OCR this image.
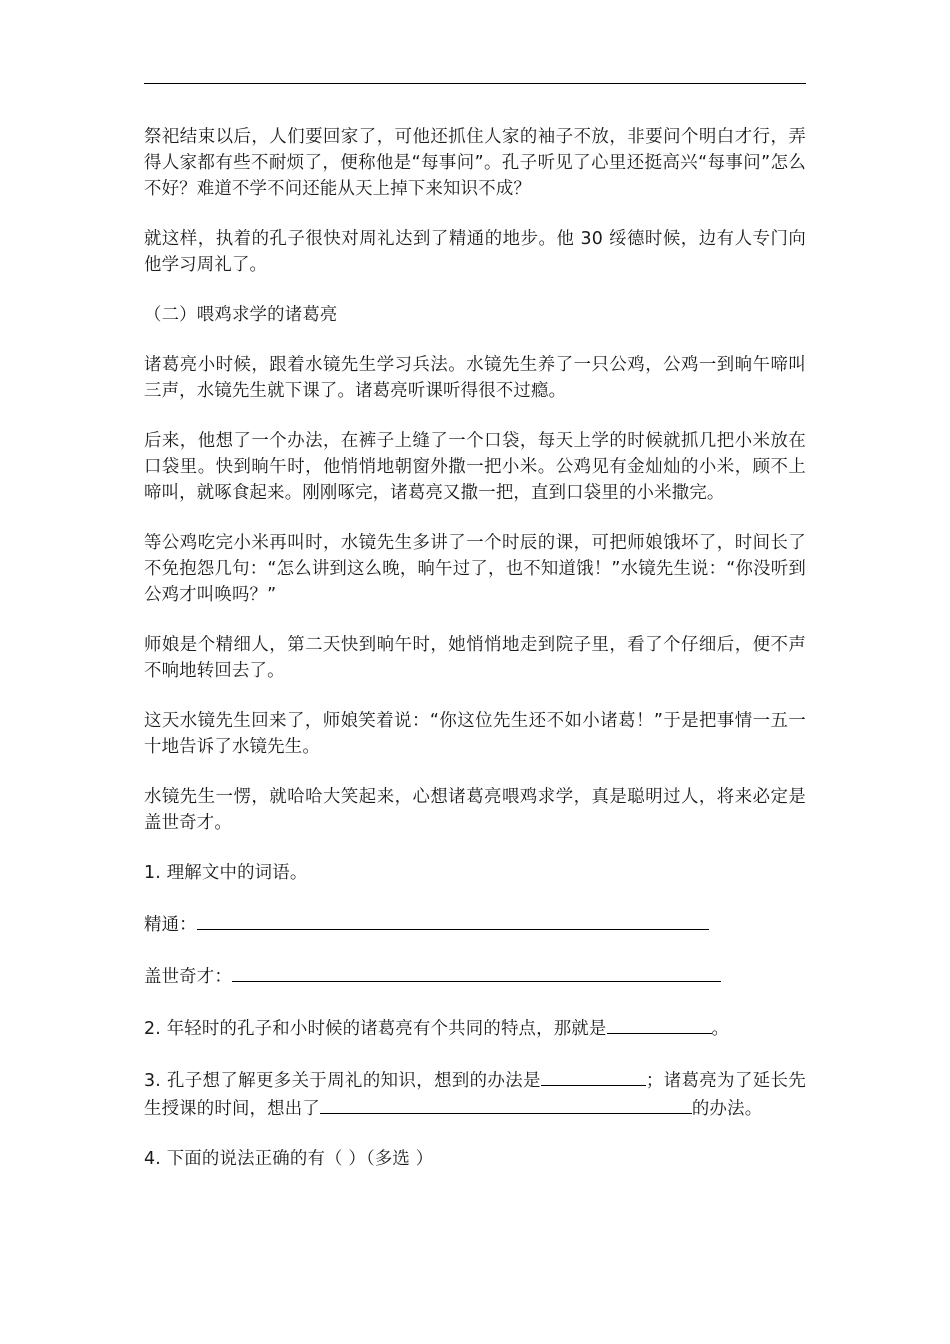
祭祀结束以后，人们要回家了，可他还抓住人家的袖子不放，非要问个明白才行，弄得人家都有些不耐烦了，便称他是“每事问”。孔子听见了心里还挺高兴“每事问”怎么不好？难道不学不问还能从天上掉下来知识不成？

就这样，执着的孔子很快对周礼达到了精通的地步。他 30 绥德时候，边有人专门向他学习周礼了。

（二）喂鸡求学的诸葛亮

诸葛亮小时候，跟着水镜先生学习兵法。水镜先生养了一只公鸡，公鸡一到晌午啼叫三声，水镜先生就下课了。诸葛亮听课听得很不过瘾。

后来，他想了一个办法，在裤子上缝了一个口袋，每天上学的时候就抓几把小米放在口袋里。快到晌午时，他悄悄地朝窗外撒一把小米。公鸡见有金灿灿的小米，顾不上啼叫，就啄食起来。刚刚啄完，诸葛亮又撒一把，直到口袋里的小米撒完。

等公鸡吃完小米再叫时，水镜先生多讲了一个时辰的课，可把师娘饿坏了，时间长了不免抱怨几句：“怎么讲到这么晚，晌午过了，也不知道饿！”水镜先生说：“你没听到公鸡才叫唤吗？”

师娘是个精细人，第二天快到晌午时，她悄悄地走到院子里，看了个仔细后，便不声不响地转回去了。

这天水镜先生回来了，师娘笑着说：“你这位先生还不如小诸葛！”于是把事情一五一十地告诉了水镜先生。

水镜先生一愣，就哈哈大笑起来，心想诸葛亮喂鸡求学，真是聪明过人，将来必定是盖世奇才。

1. 理解文中的词语。

精通：

盖世奇才：

2. 年轻时的孔子和小时候的诸葛亮有个共同的特点，那就是	。

3. 孔子想了解更多关于周礼的知识，想到的办法是	；诸葛亮为了延长先生授课的时间，想出了	的办法。

4. 下面的说法正确的有（ ）（多选 ）
